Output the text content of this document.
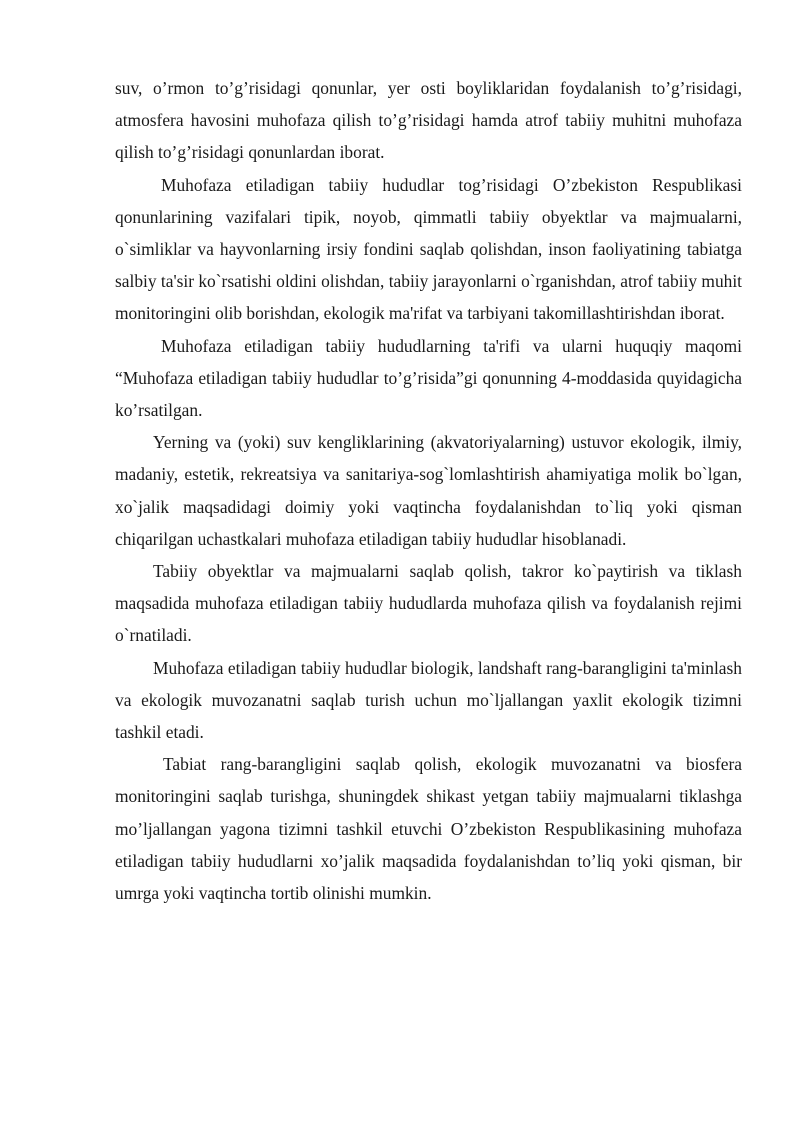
suv, o’rmon to’g’risidagi qonunlar, yer osti boyliklaridan foydalanish to’g’risidagi, atmosfera havosini muhofaza qilish to’g’risidagi hamda atrof tabiiy muhitni muhofaza qilish to’g’risidagi qonunlardan iborat.

Muhofaza etiladigan tabiiy hududlar tog’risidagi O’zbekiston Respublikasi qonunlarining vazifalari tipik, noyob, qimmatli tabiiy obyektlar va majmualarni, o`simliklar va hayvonlarning irsiy fondini saqlab qolishdan, inson faoliyatining tabiatga salbiy ta'sir ko`rsatishi oldini olishdan, tabiiy jarayonlarni o`rganishdan, atrof tabiiy muhit monitoringini olib borishdan, ekologik ma'rifat va tarbiyani takomillashtirishdan iborat.

Muhofaza etiladigan tabiiy hududlarning ta'rifi va ularni huquqiy maqomi “Muhofaza etiladigan tabiiy hududlar to’g’risida”gi qonunning 4-moddasida quyidagicha ko’rsatilgan.

Yerning va (yoki) suv kengliklarining (akvatoriyalarning) ustuvor ekologik, ilmiy, madaniy, estetik, rekreatsiya va sanitariya-sog`lomlashtirish ahamiyatiga molik bo`lgan, xo`jalik maqsadidagi doimiy yoki vaqtincha foydalanishdan to`liq yoki qisman chiqarilgan uchastkalari muhofaza etiladigan tabiiy hududlar hisoblanadi.

Tabiiy obyektlar va majmualarni saqlab qolish, takror ko`paytirish va tiklash maqsadida muhofaza etiladigan tabiiy hududlarda muhofaza qilish va foydalanish rejimi o`rnatiladi.

Muhofaza etiladigan tabiiy hududlar biologik, landshaft rang-barangligini ta'minlash va ekologik muvozanatni saqlab turish uchun mo`ljallangan yaxlit ekologik tizimni tashkil etadi.

Tabiat rang-barangligini saqlab qolish, ekologik muvozanatni va biosfera monitoringini saqlab turishga, shuningdek shikast yetgan tabiiy majmualarni tiklashga mo’ljallangan yagona tizimni tashkil etuvchi O’zbekiston Respublikasining muhofaza etiladigan tabiiy hududlarni xo’jalik maqsadida foydalanishdan to’liq yoki qisman, bir umrga yoki vaqtincha tortib olinishi mumkin.
